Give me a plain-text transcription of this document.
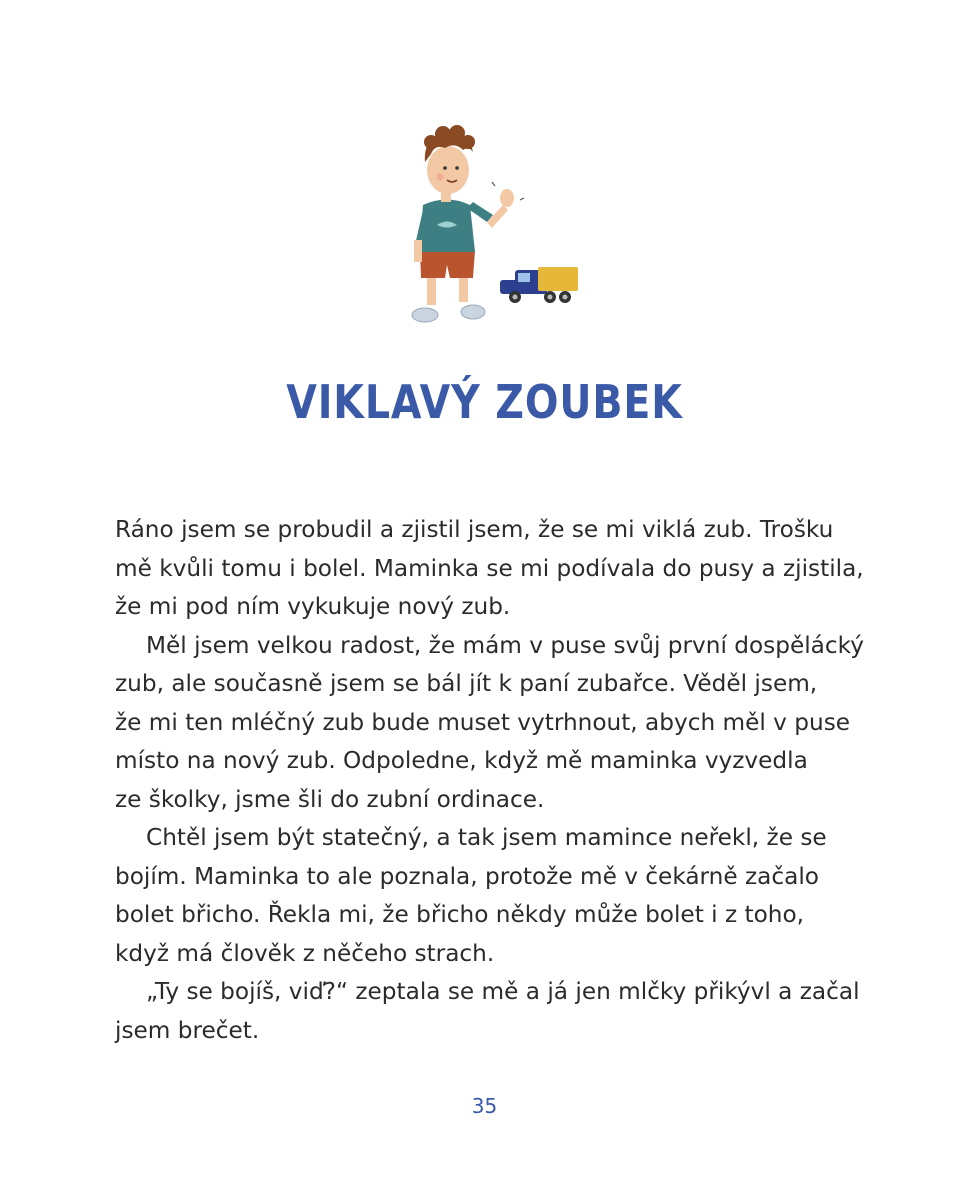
VIKLAVÝ ZOUBEK
Ráno jsem se probudil a zjistil jsem, že se mi viklá zub. Trošku
mě kvůli tomu i bolel. Maminka se mi podívala do pusy a zjistila,
že mi pod ním vykukuje nový zub.
Měl jsem velkou radost, že mám v puse svůj první dospělácký
zub, ale současně jsem se bál jít k paní zubařce. Věděl jsem,
že mi ten mléčný zub bude muset vytrhnout, abych měl v puse
místo na nový zub. Odpoledne, když mě maminka vyzvedla
ze školky, jsme šli do zubní ordinace.
Chtěl jsem být statečný, a tak jsem mamince neřekl, že se
bojím. Maminka to ale poznala, protože mě v čekárně začalo
bolet břicho. Řekla mi, že břicho někdy může bolet i z toho,
když má člověk z něčeho strach.
„Ty se bojíš, viď?“ zeptala se mě a já jen mlčky přikývl a začal
jsem brečet.
35
